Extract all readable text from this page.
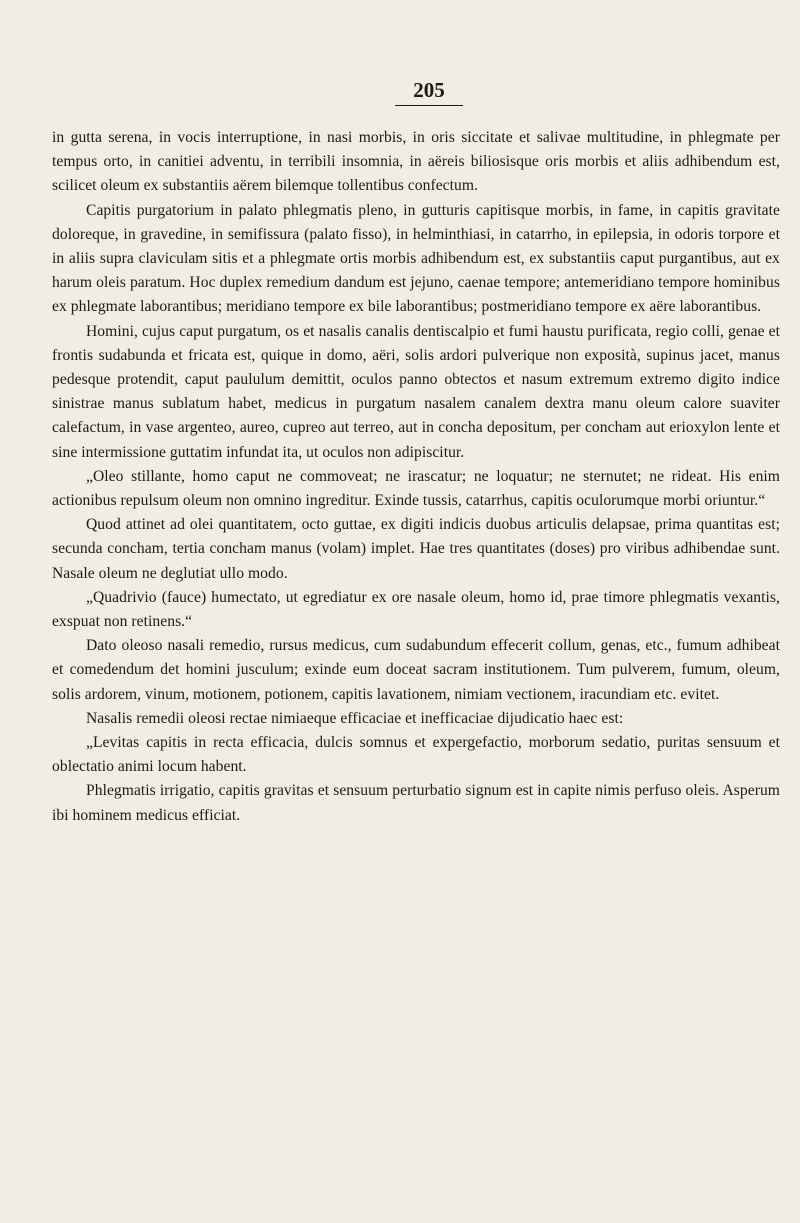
205

in gutta serena, in vocis interruptione, in nasi morbis, in oris siccitate et salivae multitudine, in phlegmate per tempus orto, in canitiei adventu, in terribili insomnia, in aëreis biliosisque oris morbis et aliis adhibendum est, scilicet oleum ex substantiis aërem bilemque tollentibus confectum.

Capitis purgatorium in palato phlegmatis pleno, in gutturis capitisque morbis, in fame, in capitis gravitate doloreque, in gravedine, in semifissura (palato fisso), in helminthiasi, in catarrho, in epilepsia, in odoris torpore et in aliis supra claviculam sitis et a phlegmate ortis morbis adhibendum est, ex substantiis caput purgantibus, aut ex harum oleis paratum. Hoc duplex remedium dandum est jejuno, caenae tempore; antemeridiano tempore hominibus ex phlegmate laborantibus; meridiano tempore ex bile laborantibus; postmeridiano tempore ex aëre laborantibus.

Homini, cujus caput purgatum, os et nasalis canalis dentiscalpio et fumi haustu purificata, regio colli, genae et frontis sudabunda et fricata est, quique in domo, aëri, solis ardori pulverique non exposità, supinus jacet, manus pedesque protendit, caput paululum demittit, oculos panno obtectos et nasum extremum extremo digito indice sinistrae manus sublatum habet, medicus in purgatum nasalem canalem dextra manu oleum calore suaviter calefactum, in vase argenteo, aureo, cupreo aut terreo, aut in concha depositum, per concham aut erioxylon lente et sine intermissione guttatim infundat ita, ut oculos non adipiscitur.

„Oleo stillante, homo caput ne commoveat; ne irascatur; ne loquatur; ne sternutet; ne rideat. His enim actionibus repulsum oleum non omnino ingreditur. Exinde tussis, catarrhus, capitis oculorumque morbi oriuntur.“

Quod attinet ad olei quantitatem, octo guttae, ex digiti indicis duobus articulis delapsae, prima quantitas est; secunda concham, tertia concham manus (volam) implet. Hae tres quantitates (doses) pro viribus adhibendae sunt. Nasale oleum ne deglutiat ullo modo.

„Quadrivio (fauce) humectato, ut egrediatur ex ore nasale oleum, homo id, prae timore phlegmatis vexantis, exspuat non retinens.“

Dato oleoso nasali remedio, rursus medicus, cum sudabundum effecerit collum, genas, etc., fumum adhibeat et comedendum det homini jusculum; exinde eum doceat sacram institutionem. Tum pulverem, fumum, oleum, solis ardorem, vinum, motionem, potionem, capitis lavationem, nimiam vectionem, iracundiam etc. evitet.

Nasalis remedii oleosi rectae nimiaeque efficaciae et inefficaciae dijudicatio haec est:

„Levitas capitis in recta efficacia, dulcis somnus et expergefactio, morborum sedatio, puritas sensuum et oblectatio animi locum habent.

Phlegmatis irrigatio, capitis gravitas et sensuum perturbatio signum est in capite nimis perfuso oleis. Asperum ibi hominem medicus efficiat.
